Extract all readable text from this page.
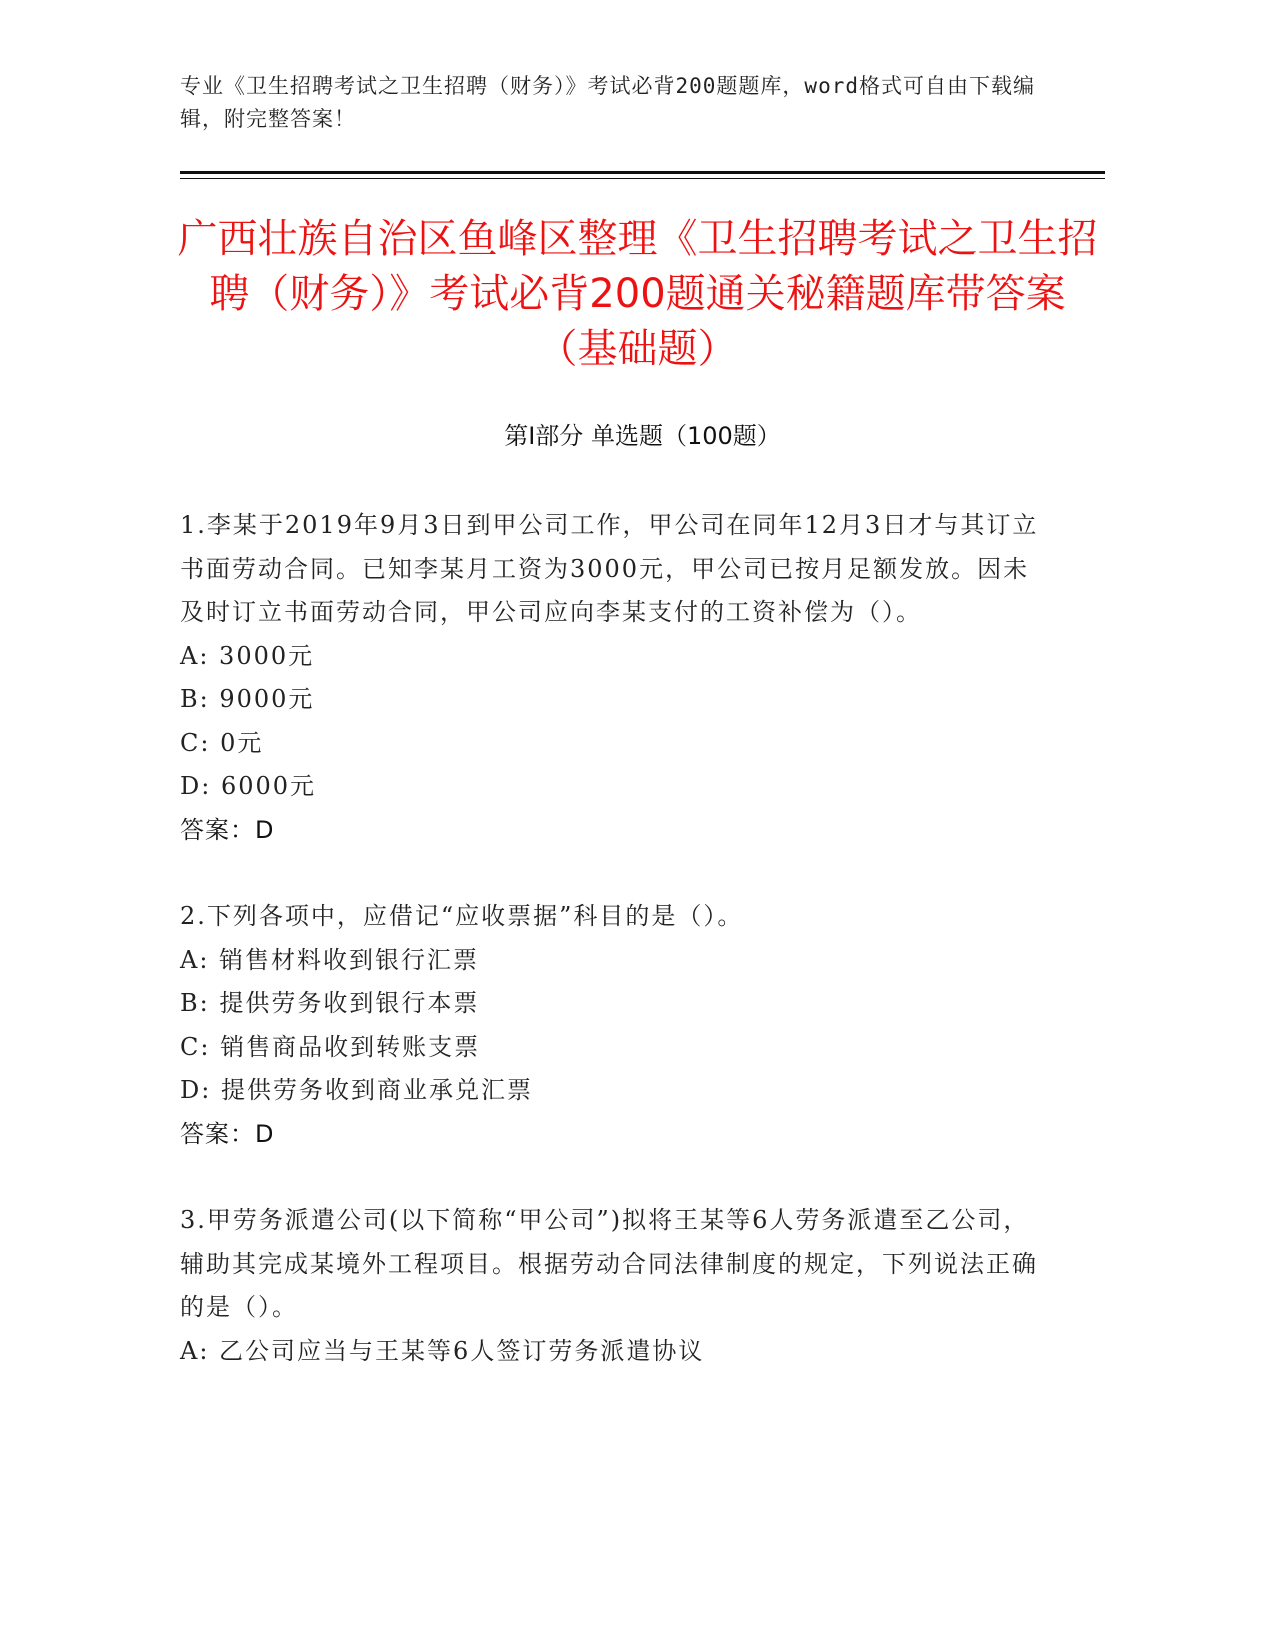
专业《卫生招聘考试之卫生招聘（财务）》考试必背200题题库，word格式可自由下载编辑，附完整答案！
广西壮族自治区鱼峰区整理《卫生招聘考试之卫生招聘（财务）》考试必背200题通关秘籍题库带答案（基础题）
第Ⅰ部分 单选题（100题）

1.李某于2019年9月3日到甲公司工作，甲公司在同年12月3日才与其订立书面劳动合同。已知李某月工资为3000元，甲公司已按月足额发放。因未及时订立书面劳动合同，甲公司应向李某支付的工资补偿为（）。

A: 3000元

B: 9000元

C: 0元

D: 6000元

答案：D

2.下列各项中，应借记“应收票据”科目的是（）。

A: 销售材料收到银行汇票

B: 提供劳务收到银行本票

C: 销售商品收到转账支票

D: 提供劳务收到商业承兑汇票

答案：D

3.甲劳务派遣公司(以下简称“甲公司”)拟将王某等6人劳务派遣至乙公司，辅助其完成某境外工程项目。根据劳动合同法律制度的规定，下列说法正确的是（）。

A: 乙公司应当与王某等6人签订劳务派遣协议
